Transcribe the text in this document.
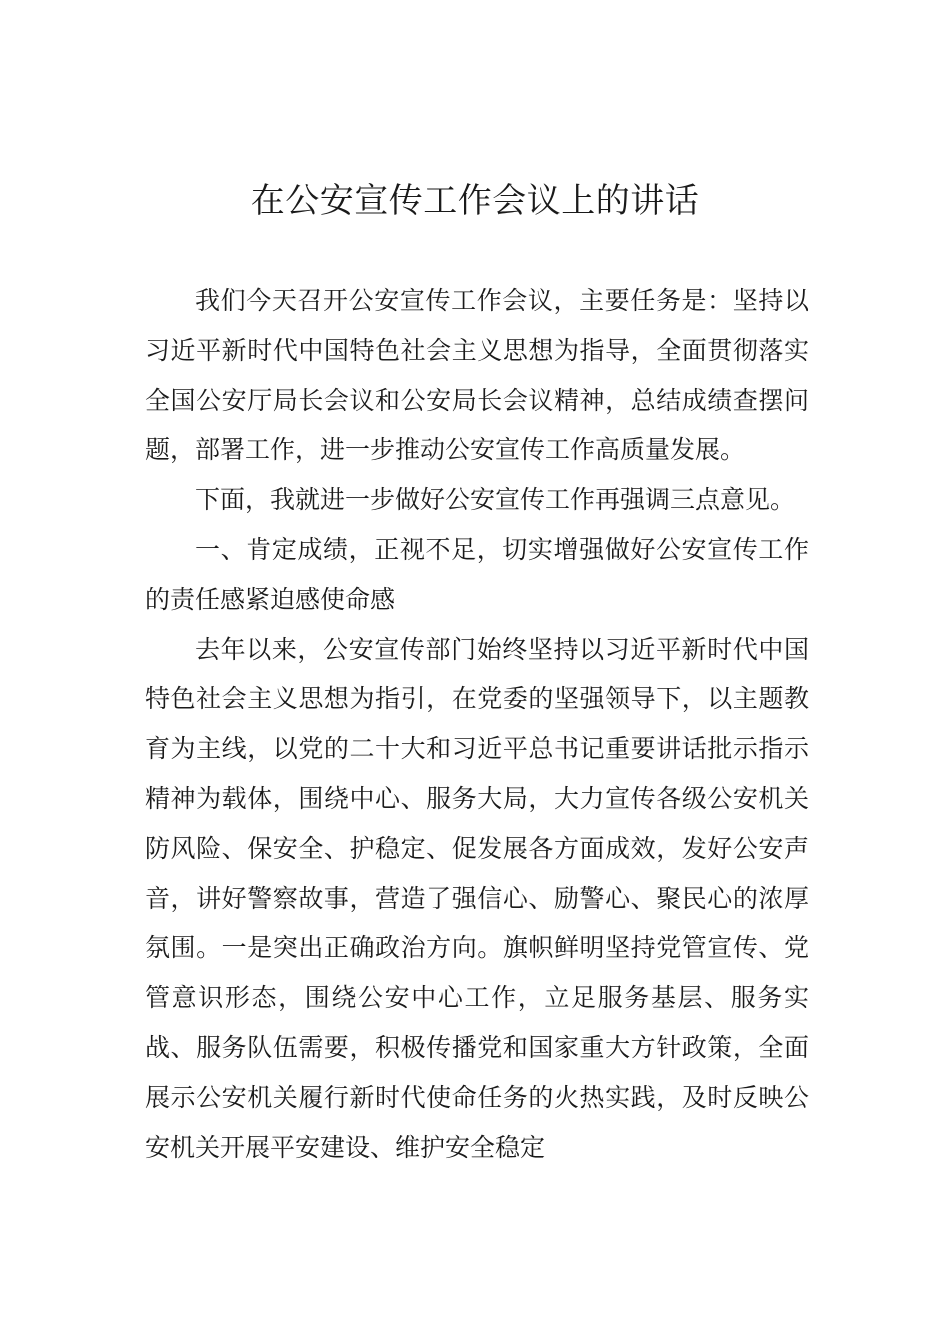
在公安宣传工作会议上的讲话

我们今天召开公安宣传工作会议，主要任务是：坚持以习近平新时代中国特色社会主义思想为指导，全面贯彻落实全国公安厅局长会议和公安局长会议精神，总结成绩查摆问题，部署工作，进一步推动公安宣传工作高质量发展。

下面，我就进一步做好公安宣传工作再强调三点意见。

一、肯定成绩，正视不足，切实增强做好公安宣传工作的责任感紧迫感使命感

去年以来，公安宣传部门始终坚持以习近平新时代中国特色社会主义思想为指引，在党委的坚强领导下，以主题教育为主线，以党的二十大和习近平总书记重要讲话批示指示精神为载体，围绕中心、服务大局，大力宣传各级公安机关防风险、保安全、护稳定、促发展各方面成效，发好公安声音，讲好警察故事，营造了强信心、励警心、聚民心的浓厚氛围。一是突出正确政治方向。旗帜鲜明坚持党管宣传、党管意识形态，围绕公安中心工作，立足服务基层、服务实战、服务队伍需要，积极传播党和国家重大方针政策，全面展示公安机关履行新时代使命任务的火热实践，及时反映公安机关开展平安建设、维护安全稳定
